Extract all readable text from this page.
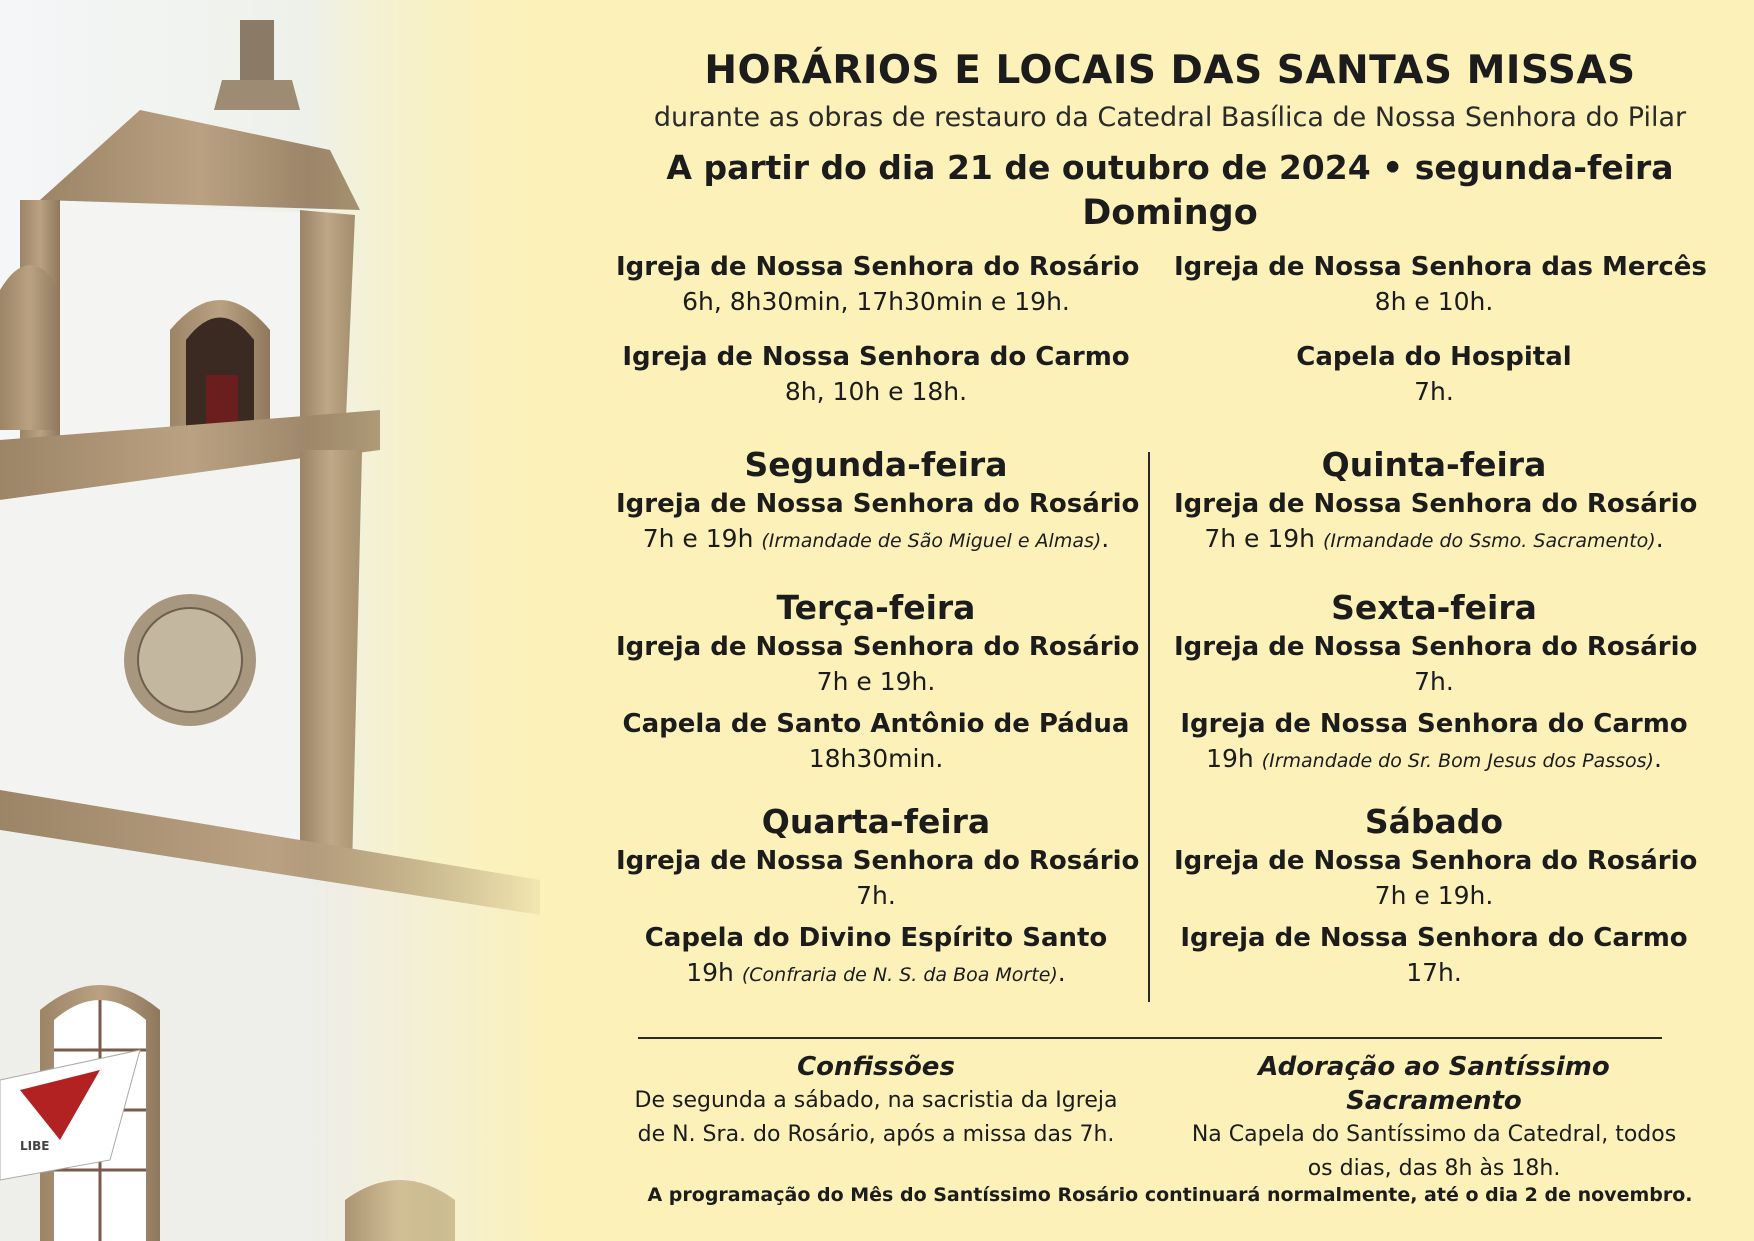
HORÁRIOS E LOCAIS DAS SANTAS MISSAS
durante as obras de restauro da Catedral Basílica de Nossa Senhora do Pilar
A partir do dia 21 de outubro de 2024 • segunda-feira
Domingo
Igreja de Nossa Senhora do Rosário
6h, 8h30min, 17h30min e 19h.
Igreja de Nossa Senhora das Mercês
8h e 10h.
Igreja de Nossa Senhora do Carmo
8h, 10h e 18h.
Capela do Hospital
7h.
Segunda-feira
Igreja de Nossa Senhora do Rosário
7h e 19h (Irmandade de São Miguel e Almas).
Quinta-feira
Igreja de Nossa Senhora do Rosário
7h e 19h (Irmandade do Ssmo. Sacramento).
Terça-feira
Igreja de Nossa Senhora do Rosário
7h e 19h.
Capela de Santo Antônio de Pádua
18h30min.
Sexta-feira
Igreja de Nossa Senhora do Rosário
7h.
Igreja de Nossa Senhora do Carmo
19h (Irmandade do Sr. Bom Jesus dos Passos).
Quarta-feira
Igreja de Nossa Senhora do Rosário
7h.
Capela do Divino Espírito Santo
19h (Confraria de N. S. da Boa Morte).
Sábado
Igreja de Nossa Senhora do Rosário
7h e 19h.
Igreja de Nossa Senhora do Carmo
17h.

Confissões

De segunda a sábado, na sacristia da Igreja
de N. Sra. do Rosário, após a missa das 7h.

Adoração ao Santíssimo Sacramento

Na Capela do Santíssimo da Catedral, todos
os dias, das 8h às 18h.

A programação do Mês do Santíssimo Rosário continuará normalmente, até o dia 2 de novembro.
